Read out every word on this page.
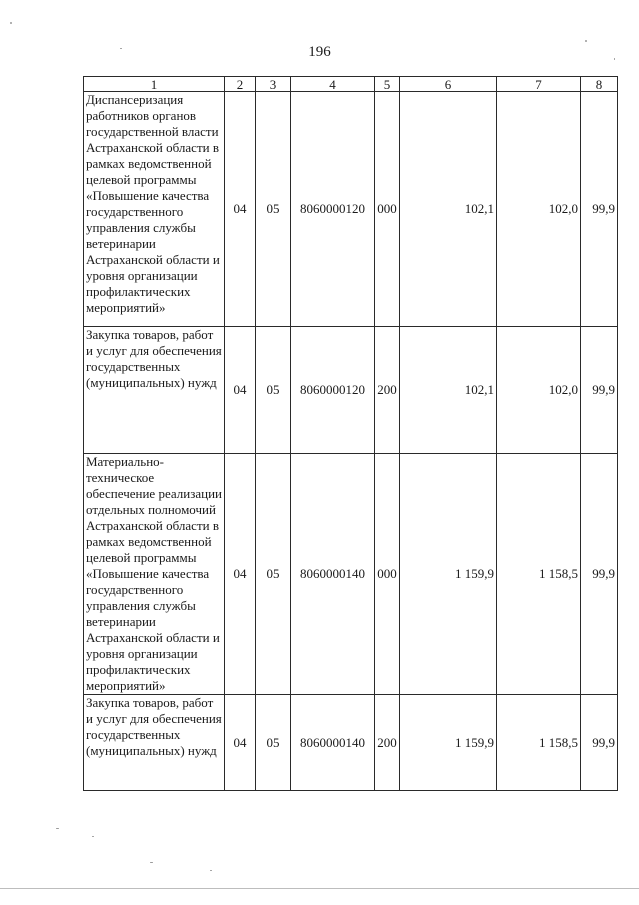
196
1	2	3	4	5	6	7	8
Диспансеризация работников органов государственной власти Астраханской области в рамках ведомственной целевой программы «Повышение качества государственного управления службы ветеринарии Астраханской области и уровня организации профилактических мероприятий»	04	05	8060000120	000	102,1	102,0	99,9
Закупка товаров, работ и услуг для обеспечения государственных (муниципальных) нужд	04	05	8060000120	200	102,1	102,0	99,9
Материально-техническое обеспечение реализации отдельных полномочий Астраханской области в рамках ведомственной целевой программы «Повышение качества государственного управления службы ветеринарии Астраханской области и уровня организации профилактических мероприятий»	04	05	8060000140	000	1 159,9	1 158,5	99,9
Закупка товаров, работ и услуг для обеспечения государственных (муниципальных) нужд	04	05	8060000140	200	1 159,9	1 158,5	99,9
